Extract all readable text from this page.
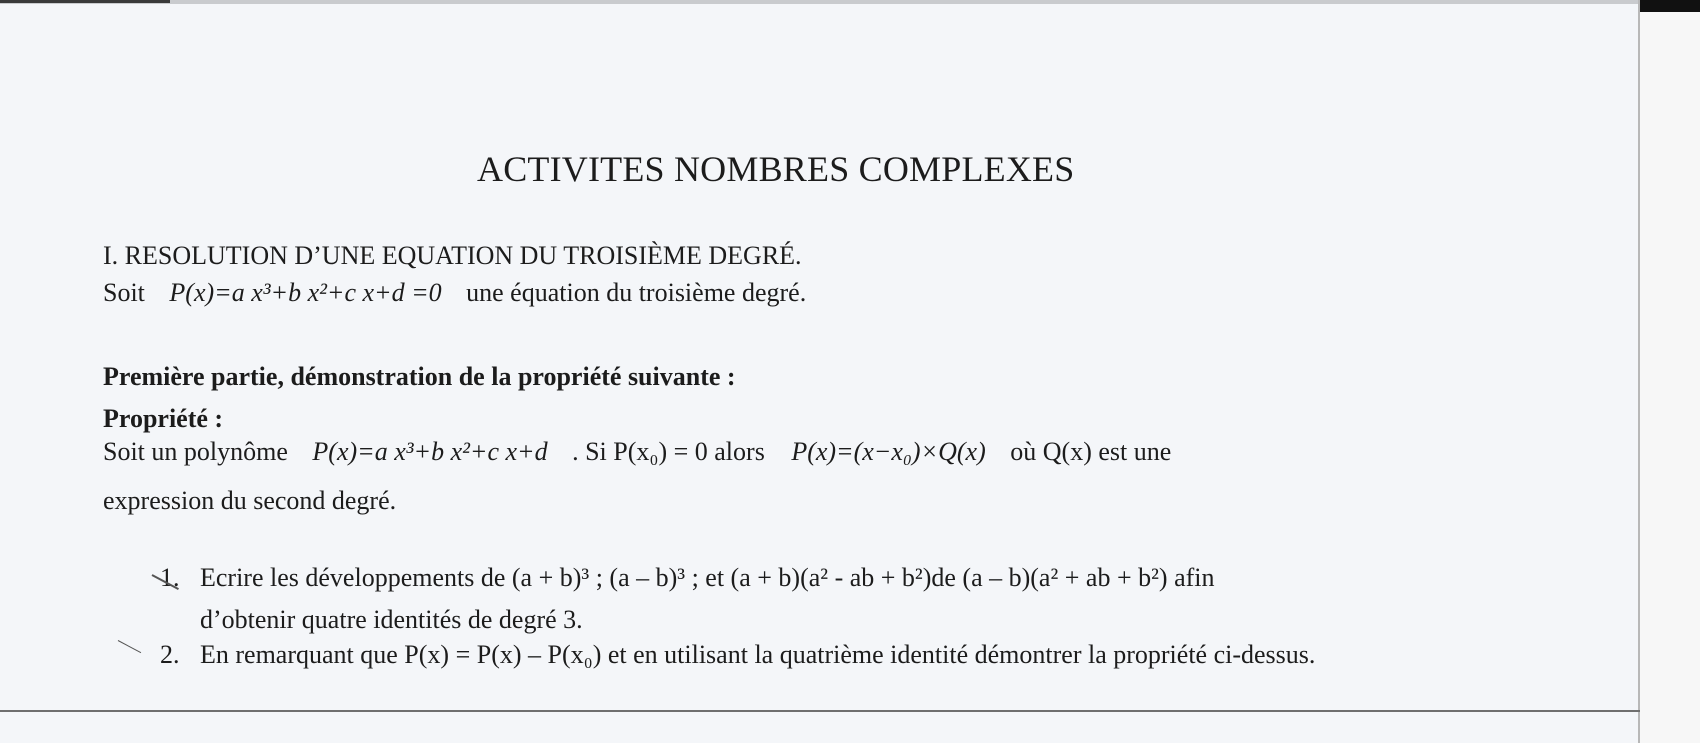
ACTIVITES NOMBRES COMPLEXES
I. RESOLUTION D’UNE EQUATION DU TROISIÈME DEGRÉ.
Soit P(x)=a x³+b x²+c x+d =0 une équation du troisième degré.
Première partie, démonstration de la propriété suivante :
Propriété :
Soit un polynôme P(x)=a x³+b x²+c x+d . Si P(x₀) = 0 alors P(x)=(x−x₀)×Q(x) où Q(x) est une
expression du second degré.
1. Ecrire les développements de (a + b)³ ; (a – b)³ ; et (a + b)(a² - ab + b²)de (a – b)(a² + ab + b²) afin
d’obtenir quatre identités de degré 3.
2. En remarquant que P(x) = P(x) – P(x₀) et en utilisant la quatrième identité démontrer la propriété ci-dessus.
